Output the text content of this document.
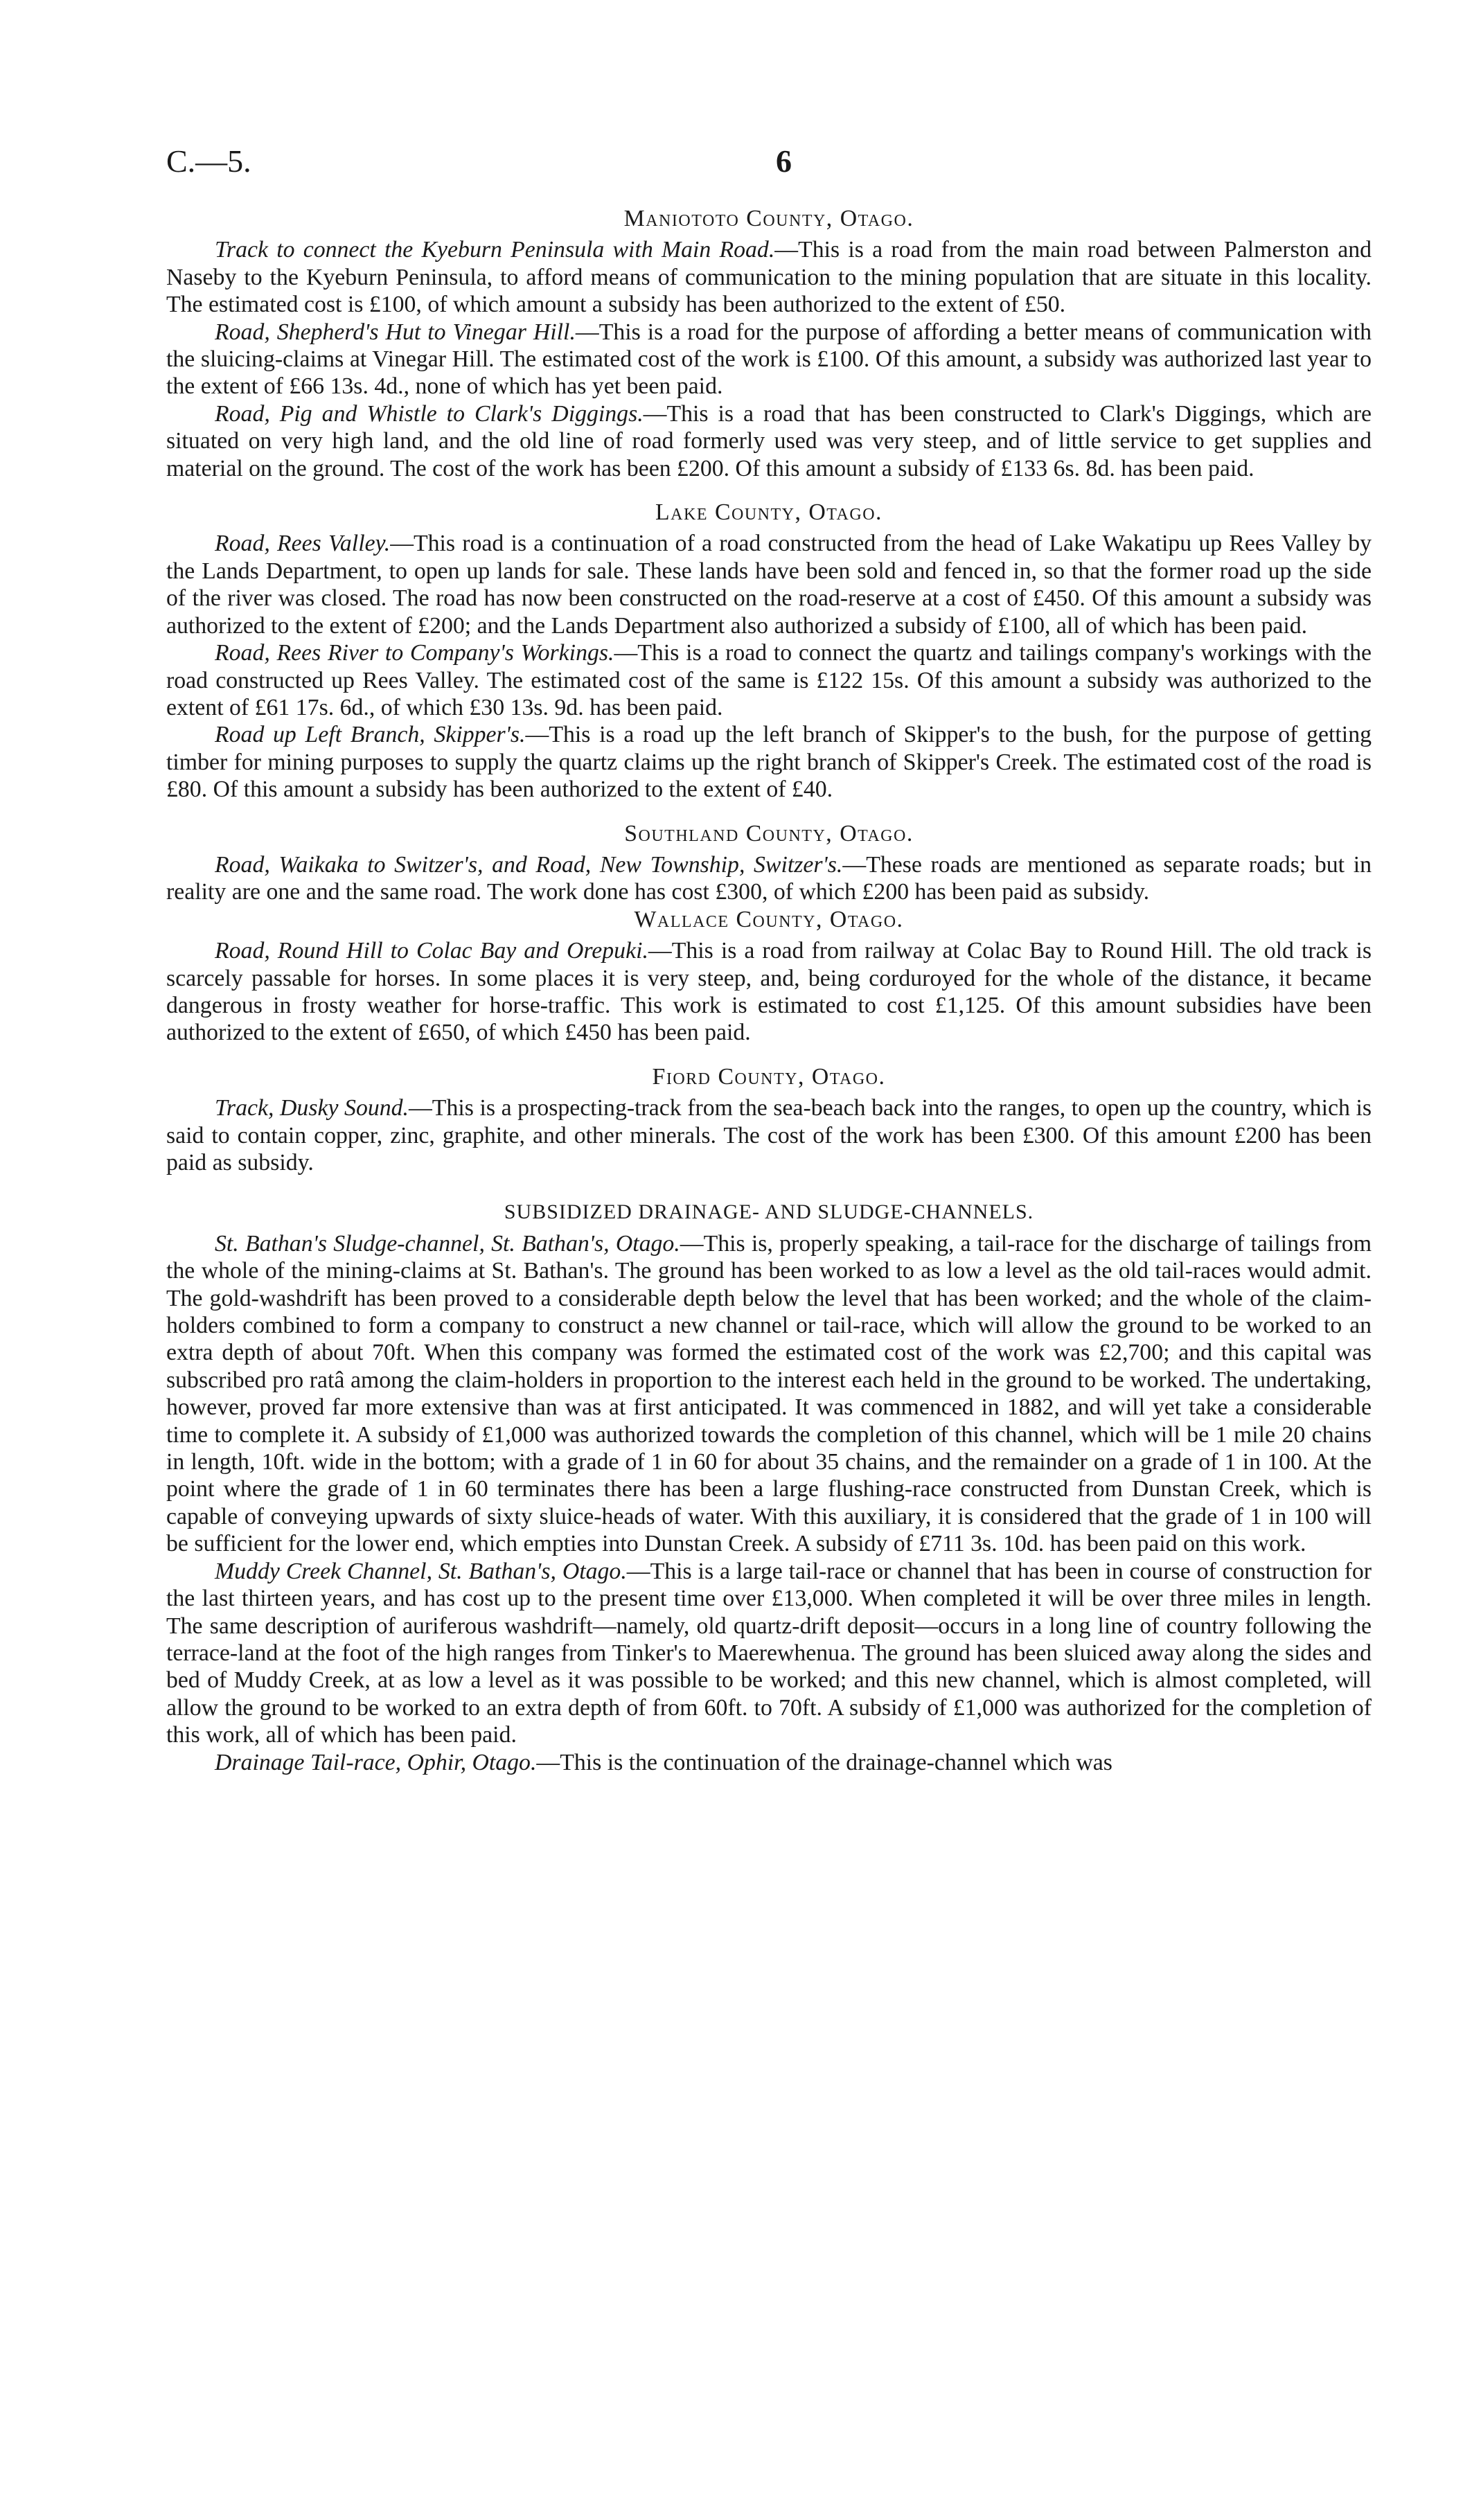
C.—5.	6
Maniototo County, Otago.

Track to connect the Kyeburn Peninsula with Main Road.—This is a road from the main road between Palmerston and Naseby to the Kyeburn Peninsula, to afford means of communication to the mining population that are situate in this locality. The estimated cost is £100, of which amount a subsidy has been authorized to the extent of £50.

Road, Shepherd's Hut to Vinegar Hill.—This is a road for the purpose of affording a better means of communication with the sluicing-claims at Vinegar Hill. The estimated cost of the work is £100. Of this amount, a subsidy was authorized last year to the extent of £66 13s. 4d., none of which has yet been paid.

Road, Pig and Whistle to Clark's Diggings.—This is a road that has been constructed to Clark's Diggings, which are situated on very high land, and the old line of road formerly used was very steep, and of little service to get supplies and material on the ground. The cost of the work has been £200. Of this amount a subsidy of £133 6s. 8d. has been paid.

Lake County, Otago.

Road, Rees Valley.—This road is a continuation of a road constructed from the head of Lake Wakatipu up Rees Valley by the Lands Department, to open up lands for sale. These lands have been sold and fenced in, so that the former road up the side of the river was closed. The road has now been constructed on the road-reserve at a cost of £450. Of this amount a subsidy was authorized to the extent of £200; and the Lands Department also authorized a subsidy of £100, all of which has been paid.

Road, Rees River to Company's Workings.—This is a road to connect the quartz and tailings company's workings with the road constructed up Rees Valley. The estimated cost of the same is £122 15s. Of this amount a subsidy was authorized to the extent of £61 17s. 6d., of which £30 13s. 9d. has been paid.

Road up Left Branch, Skipper's.—This is a road up the left branch of Skipper's to the bush, for the purpose of getting timber for mining purposes to supply the quartz claims up the right branch of Skipper's Creek. The estimated cost of the road is £80. Of this amount a subsidy has been authorized to the extent of £40.

Southland County, Otago.

Road, Waikaka to Switzer's, and Road, New Township, Switzer's.—These roads are mentioned as separate roads; but in reality are one and the same road. The work done has cost £300, of which £200 has been paid as subsidy.

Wallace County, Otago.

Road, Round Hill to Colac Bay and Orepuki.—This is a road from railway at Colac Bay to Round Hill. The old track is scarcely passable for horses. In some places it is very steep, and, being corduroyed for the whole of the distance, it became dangerous in frosty weather for horse-traffic. This work is estimated to cost £1,125. Of this amount subsidies have been authorized to the extent of £650, of which £450 has been paid.

Fiord County, Otago.

Track, Dusky Sound.—This is a prospecting-track from the sea-beach back into the ranges, to open up the country, which is said to contain copper, zinc, graphite, and other minerals. The cost of the work has been £300. Of this amount £200 has been paid as subsidy.

SUBSIDIZED DRAINAGE- AND SLUDGE-CHANNELS.

St. Bathan's Sludge-channel, St. Bathan's, Otago.—This is, properly speaking, a tail-race for the discharge of tailings from the whole of the mining-claims at St. Bathan's. The ground has been worked to as low a level as the old tail-races would admit. The gold-washdrift has been proved to a considerable depth below the level that has been worked; and the whole of the claim-holders combined to form a company to construct a new channel or tail-race, which will allow the ground to be worked to an extra depth of about 70ft. When this company was formed the estimated cost of the work was £2,700; and this capital was subscribed pro ratâ among the claim-holders in proportion to the interest each held in the ground to be worked. The undertaking, however, proved far more extensive than was at first anticipated. It was commenced in 1882, and will yet take a considerable time to complete it. A subsidy of £1,000 was authorized towards the completion of this channel, which will be 1 mile 20 chains in length, 10ft. wide in the bottom; with a grade of 1 in 60 for about 35 chains, and the remainder on a grade of 1 in 100. At the point where the grade of 1 in 60 terminates there has been a large flushing-race constructed from Dunstan Creek, which is capable of conveying upwards of sixty sluice-heads of water. With this auxiliary, it is considered that the grade of 1 in 100 will be sufficient for the lower end, which empties into Dunstan Creek. A subsidy of £711 3s. 10d. has been paid on this work.

Muddy Creek Channel, St. Bathan's, Otago.—This is a large tail-race or channel that has been in course of construction for the last thirteen years, and has cost up to the present time over £13,000. When completed it will be over three miles in length. The same description of auriferous washdrift—namely, old quartz-drift deposit—occurs in a long line of country following the terrace-land at the foot of the high ranges from Tinker's to Maerewhenua. The ground has been sluiced away along the sides and bed of Muddy Creek, at as low a level as it was possible to be worked; and this new channel, which is almost completed, will allow the ground to be worked to an extra depth of from 60ft. to 70ft. A subsidy of £1,000 was authorized for the completion of this work, all of which has been paid.

Drainage Tail-race, Ophir, Otago.—This is the continuation of the drainage-channel which was
